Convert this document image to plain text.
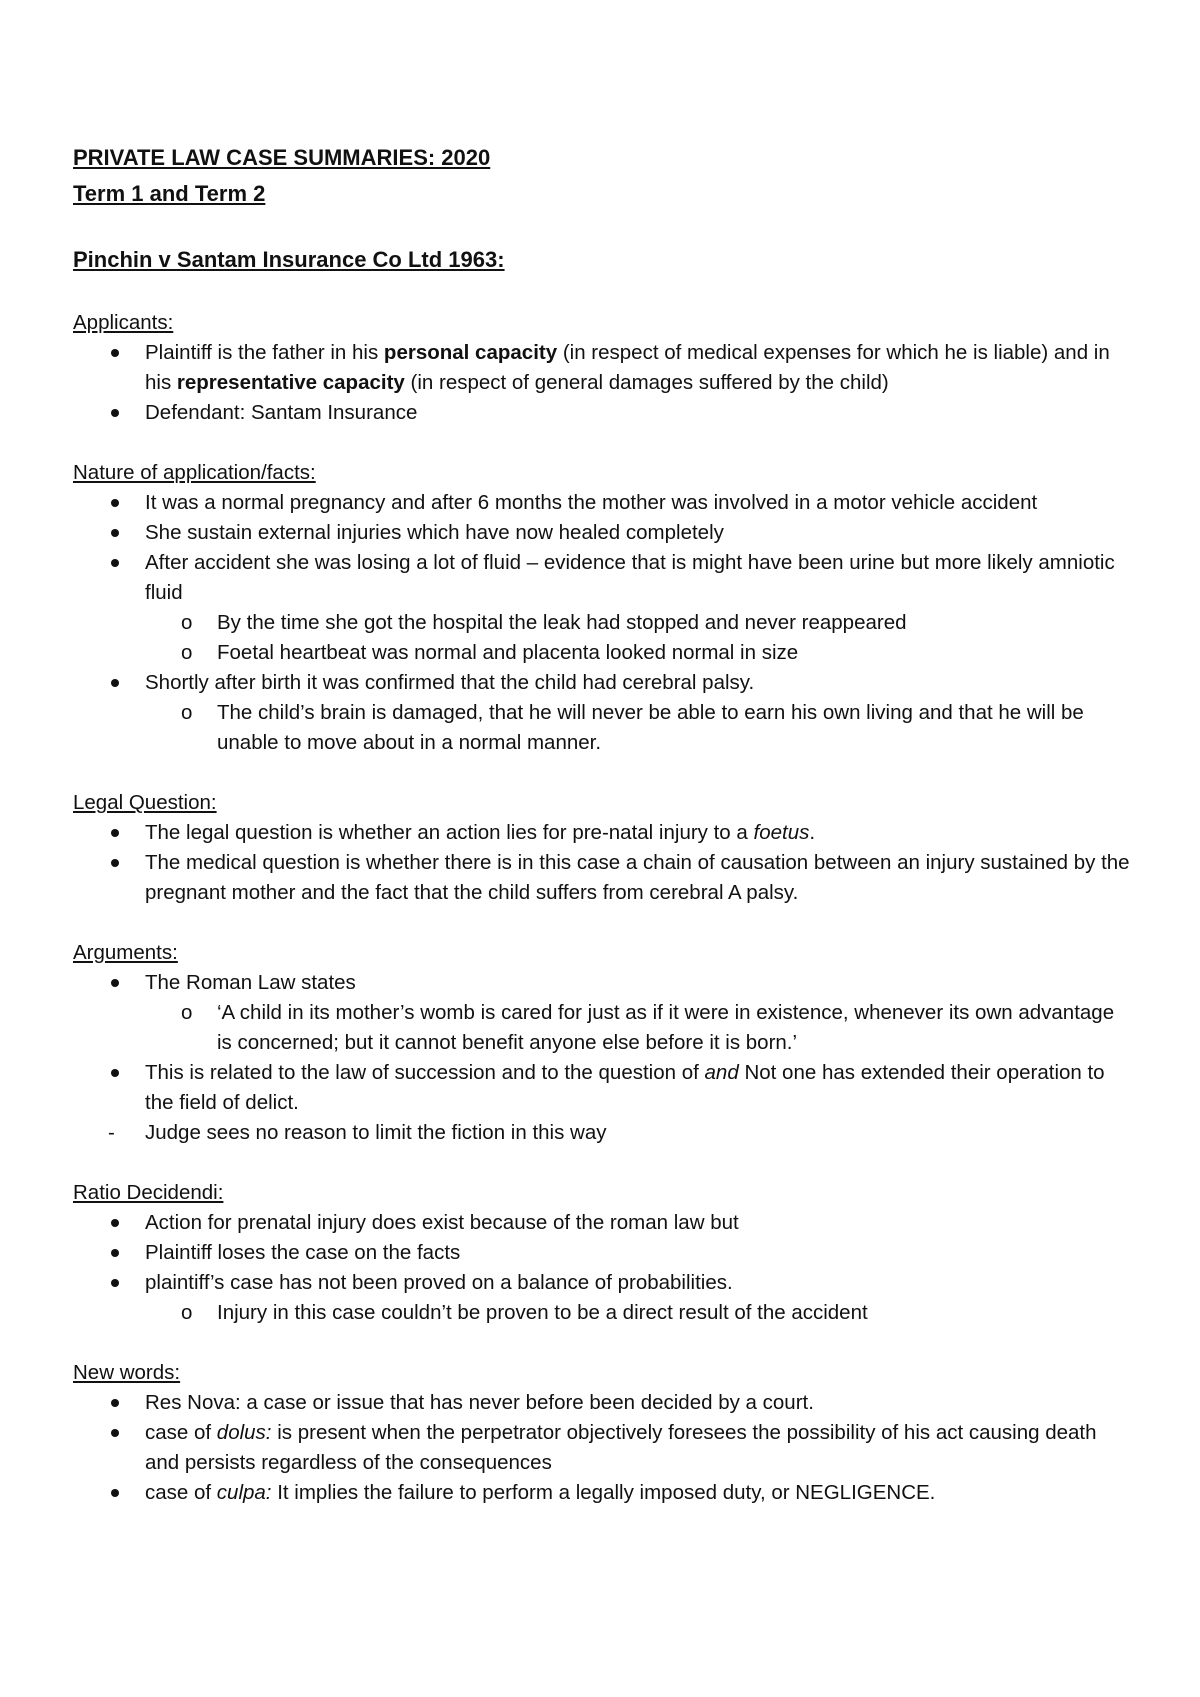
PRIVATE LAW CASE SUMMARIES: 2020
Term 1 and Term 2
Pinchin v Santam Insurance Co Ltd 1963:
Applicants:
Plaintiff is the father in his personal capacity (in respect of medical expenses for which he is liable) and in his representative capacity (in respect of general damages suffered by the child)
Defendant: Santam Insurance
Nature of application/facts:
It was a normal pregnancy and after 6 months the mother was involved in a motor vehicle accident
She sustain external injuries which have now healed completely
After accident she was losing a lot of fluid – evidence that is might have been urine but more likely amniotic fluid
o By the time she got the hospital the leak had stopped and never reappeared
o Foetal heartbeat was normal and placenta looked normal in size
Shortly after birth it was confirmed that the child had cerebral palsy.
o The child’s brain is damaged, that he will never be able to earn his own living and that he will be unable to move about in a normal manner.
Legal Question:
The legal question is whether an action lies for pre-natal injury to a foetus.
The medical question is whether there is in this case a chain of causation between an injury sustained by the pregnant mother and the fact that the child suffers from cerebral A palsy.
Arguments:
The Roman Law states
o ‘A child in its mother’s womb is cared for just as if it were in existence, whenever its own advantage is concerned; but it cannot benefit anyone else before it is born.’
This is related to the law of succession and to the question of and Not one has extended their operation to the field of delict.
- Judge sees no reason to limit the fiction in this way
Ratio Decidendi:
Action for prenatal injury does exist because of the roman law but
Plaintiff loses the case on the facts
plaintiff’s case has not been proved on a balance of probabilities.
o Injury in this case couldn’t be proven to be a direct result of the accident
New words:
Res Nova: a case or issue that has never before been decided by a court.
case of dolus: is present when the perpetrator objectively foresees the possibility of his act causing death and persists regardless of the consequences
case of culpa: It implies the failure to perform a legally imposed duty, or NEGLIGENCE.
